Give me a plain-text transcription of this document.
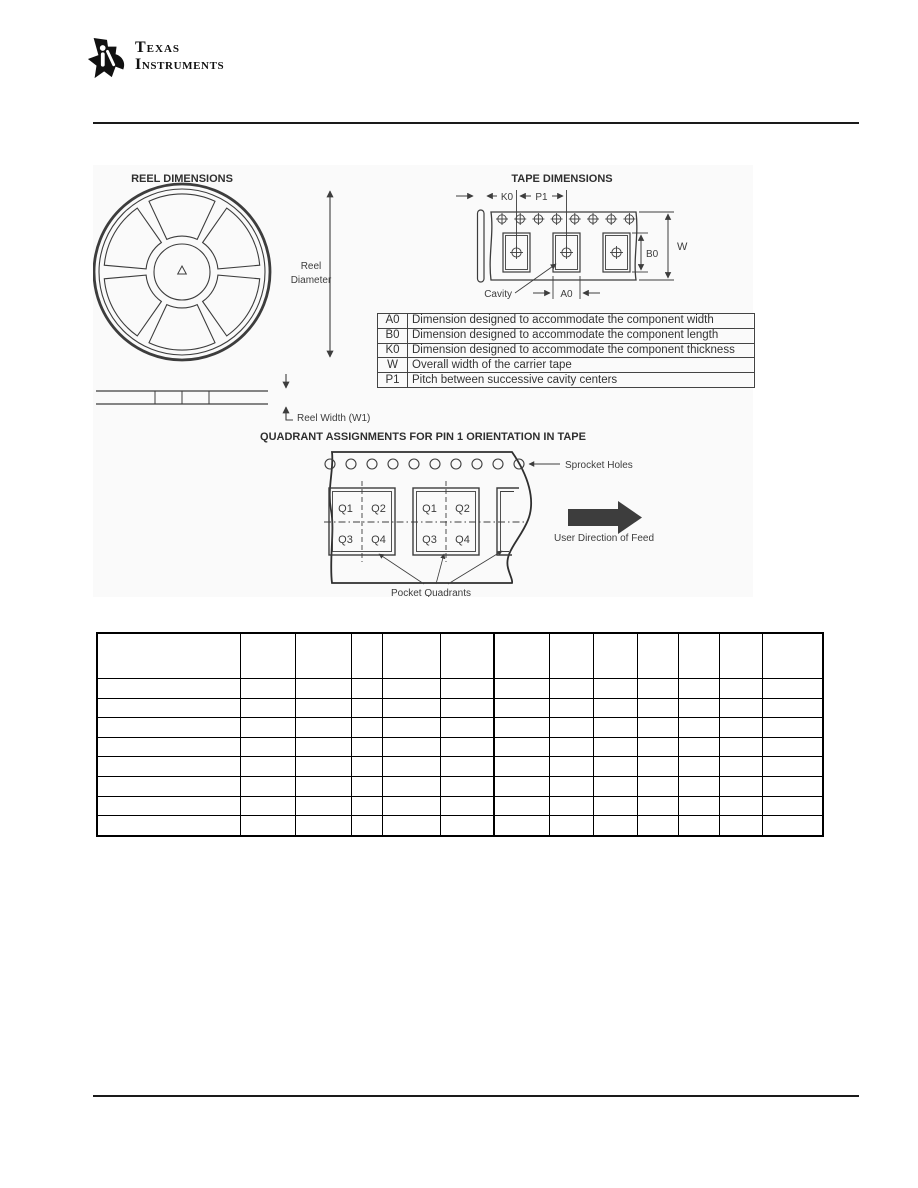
Texas
Instruments
REEL DIMENSIONS
Reel
Diameter
Reel Width (W1)
TAPE DIMENSIONS
K0 P1
B0
W
Cavity	A0
Sprocket Holes
Q1 Q2
Q3 Q4
Q1 Q2
Q3 Q4	User Direction of Feed
Pocket Quadrants
A0	Dimension designed to accommodate the component width
B0	Dimension designed to accommodate the component length
K0	Dimension designed to accommodate the component thickness
W	Overall width of the carrier tape
P1	Pitch between successive cavity centers
QUADRANT ASSIGNMENTS FOR PIN 1 ORIENTATION IN TAPE
